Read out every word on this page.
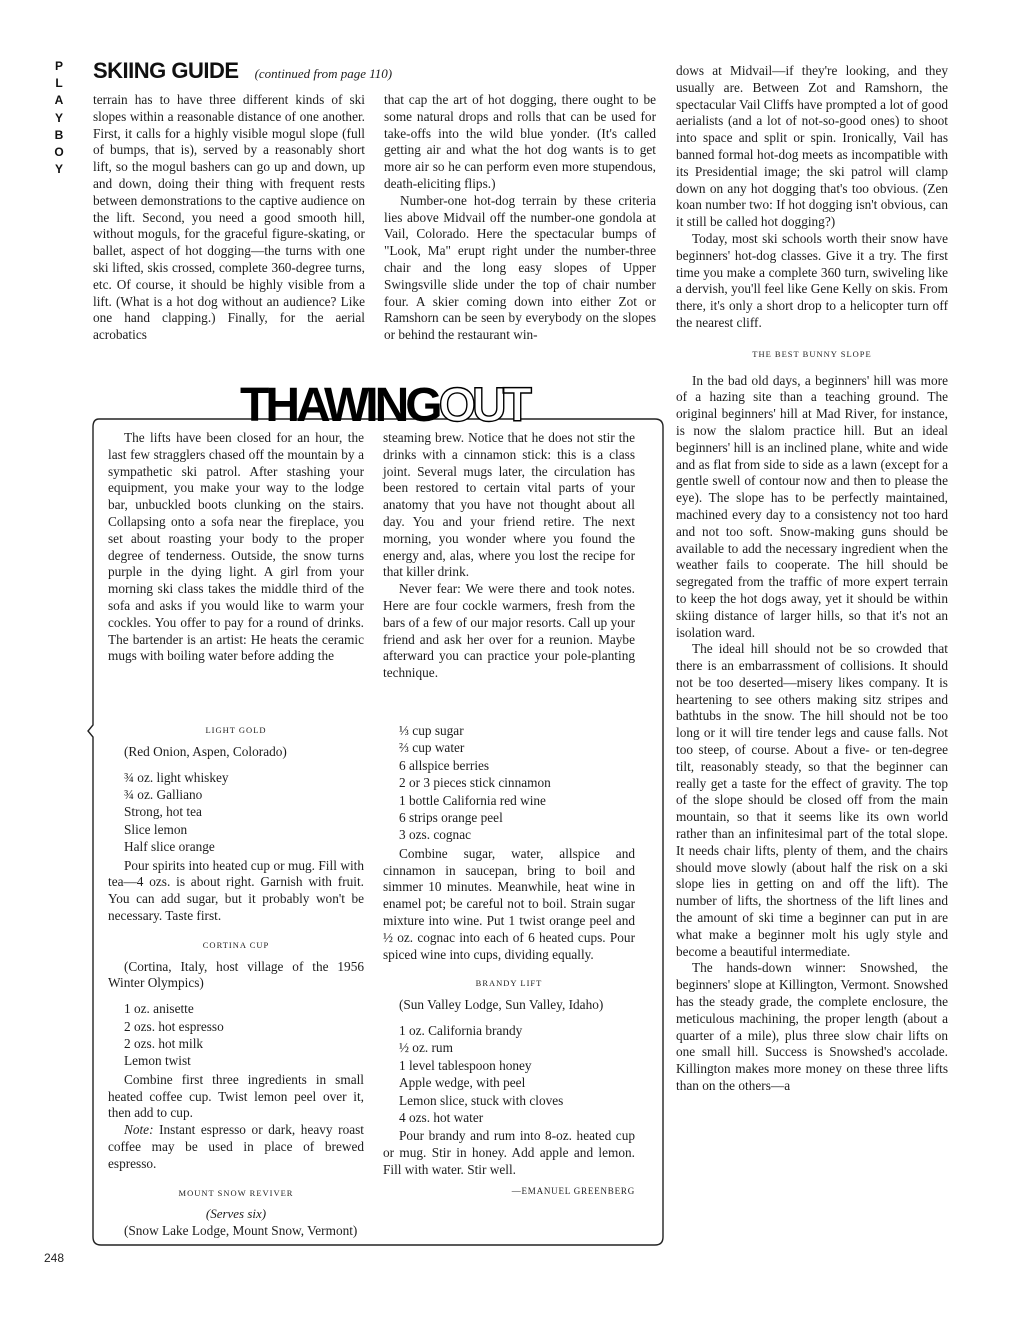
P
L
A
Y
B
O
Y
SKIING GUIDE (continued from page 110)

terrain has to have three different kinds of ski slopes within a reasonable distance of one another. First, it calls for a highly visible mogul slope (full of bumps, that is), served by a reasonably short lift, so the mogul bashers can go up and down, up and down, doing their thing with frequent rests between demonstrations to the captive audience on the lift. Second, you need a good smooth hill, without moguls, for the graceful figure-skating, or ballet, aspect of hot dogging—the turns with one ski lifted, skis crossed, complete 360-degree turns, etc. Of course, it should be highly visible from a lift. (What is a hot dog without an audience? Like one hand clapping.) Finally, for the aerial acrobatics

that cap the art of hot dogging, there ought to be some natural drops and rolls that can be used for take-offs into the wild blue yonder. (It's called getting air and what the hot dog wants is to get more air so he can perform even more stupendous, death-eliciting flips.)

Number-one hot-dog terrain by these criteria lies above Midvail off the number-one gondola at Vail, Colorado. Here the spectacular bumps of "Look, Ma" erupt right under the number-three chair and the long easy slopes of Upper Swingsville slide under the top of chair number four. A skier coming down into either Zot or Ramshorn can be seen by everybody on the slopes or behind the restaurant win-

dows at Midvail—if they're looking, and they usually are. Between Zot and Ramshorn, the spectacular Vail Cliffs have prompted a lot of good aerialists (and a lot of not-so-good ones) to shoot into space and split or spin. Ironically, Vail has banned formal hot-dog meets as incompatible with its Presidential image; the ski patrol will clamp down on any hot dogging that's too obvious. (Zen koan number two: If hot dogging isn't obvious, can it still be called hot dogging?)

Today, most ski schools worth their snow have beginners' hot-dog classes. Give it a try. The first time you make a complete 360 turn, swiveling like a dervish, you'll feel like Gene Kelly on skis. From there, it's only a short drop to a helicopter turn off the nearest cliff.

THE BEST BUNNY SLOPE

In the bad old days, a beginners' hill was more of a hazing site than a teaching ground. The original beginners' hill at Mad River, for instance, is now the slalom practice hill. But an ideal beginners' hill is an inclined plane, white and wide and as flat from side to side as a lawn (except for a gentle swell of contour now and then to please the eye). The slope has to be perfectly maintained, machined every day to a consistency not too hard and not too soft. Snow-making guns should be available to add the necessary ingredient when the weather fails to cooperate. The hill should be segregated from the traffic of more expert terrain to keep the hot dogs away, yet it should be within skiing distance of larger hills, so that it's not an isolation ward.

The ideal hill should not be so crowded that there is an embarrassment of collisions. It should not be too deserted—misery likes company. It is heartening to see others making sitz stripes and bathtubs in the snow. The hill should not be too long or it will tire tender legs and cause falls. Not too steep, of course. About a five- or ten-degree tilt, reasonably steady, so that the beginner can really get a taste for the effect of gravity. The top of the slope should be closed off from the main mountain, so that it seems like its own world rather than an infinitesimal part of the total slope. It needs chair lifts, plenty of them, and the chairs should move slowly (about half the risk on a ski slope lies in getting on and off the lift). The number of lifts, the shortness of the lift lines and the amount of ski time a beginner can put in are what make a beginner molt his ugly style and become a beautiful intermediate.

The hands-down winner: Snowshed, the beginners' slope at Killington, Vermont. Snowshed has the steady grade, the complete enclosure, the meticulous machining, the proper length (about a quarter of a mile), plus three slow chair lifts on one small hill. Success is Snowshed's accolade. Killington makes more money on these three lifts than on the others—a

THAWINGOUT

The lifts have been closed for an hour, the last few stragglers chased off the mountain by a sympathetic ski patrol. After stashing your equipment, you make your way to the lodge bar, unbuckled boots clunking on the stairs. Collapsing onto a sofa near the fireplace, you set about roasting your body to the proper degree of tenderness. Outside, the snow turns purple in the dying light. A girl from your morning ski class takes the middle third of the sofa and asks if you would like to warm your cockles. You offer to pay for a round of drinks. The bartender is an artist: He heats the ceramic mugs with boiling water before adding the

steaming brew. Notice that he does not stir the drinks with a cinnamon stick: this is a class joint. Several mugs later, the circulation has been restored to certain vital parts of your anatomy that you have not thought about all day. You and your friend retire. The next morning, you wonder where you found the energy and, alas, where you lost the recipe for that killer drink.

Never fear: We were there and took notes. Here are four cockle warmers, fresh from the bars of a few of our major resorts. Call up your friend and ask her over for a reunion. Maybe afterward you can practice your pole-planting technique.

LIGHT GOLD
(Red Onion, Aspen, Colorado)
¾ oz. light whiskey
¾ oz. Galliano
Strong, hot tea
Slice lemon
Half slice orange

Pour spirits into heated cup or mug. Fill with tea—4 ozs. is about right. Garnish with fruit. You can add sugar, but it probably won't be necessary. Taste first.

CORTINA CUP
(Cortina, Italy, host village of the 1956 Winter Olympics)
1 oz. anisette
2 ozs. hot espresso
2 ozs. hot milk
Lemon twist

Combine first three ingredients in small heated coffee cup. Twist lemon peel over it, then add to cup.

Note: Instant espresso or dark, heavy roast coffee may be used in place of brewed espresso.

MOUNT SNOW REVIVER
(Serves six)
(Snow Lake Lodge, Mount Snow, Vermont)
⅓ cup sugar
⅔ cup water
6 allspice berries
2 or 3 pieces stick cinnamon
1 bottle California red wine
6 strips orange peel
3 ozs. cognac

Combine sugar, water, allspice and cinnamon in saucepan, bring to boil and simmer 10 minutes. Meanwhile, heat wine in enamel pot; be careful not to boil. Strain sugar mixture into wine. Put 1 twist orange peel and ½ oz. cognac into each of 6 heated cups. Pour spiced wine into cups, dividing equally.

BRANDY LIFT
(Sun Valley Lodge, Sun Valley, Idaho)
1 oz. California brandy
½ oz. rum
1 level tablespoon honey
Apple wedge, with peel
Lemon slice, stuck with cloves
4 ozs. hot water

Pour brandy and rum into 8-oz. heated cup or mug. Stir in honey. Add apple and lemon. Fill with water. Stir well.

—EMANUEL GREENBERG
248
